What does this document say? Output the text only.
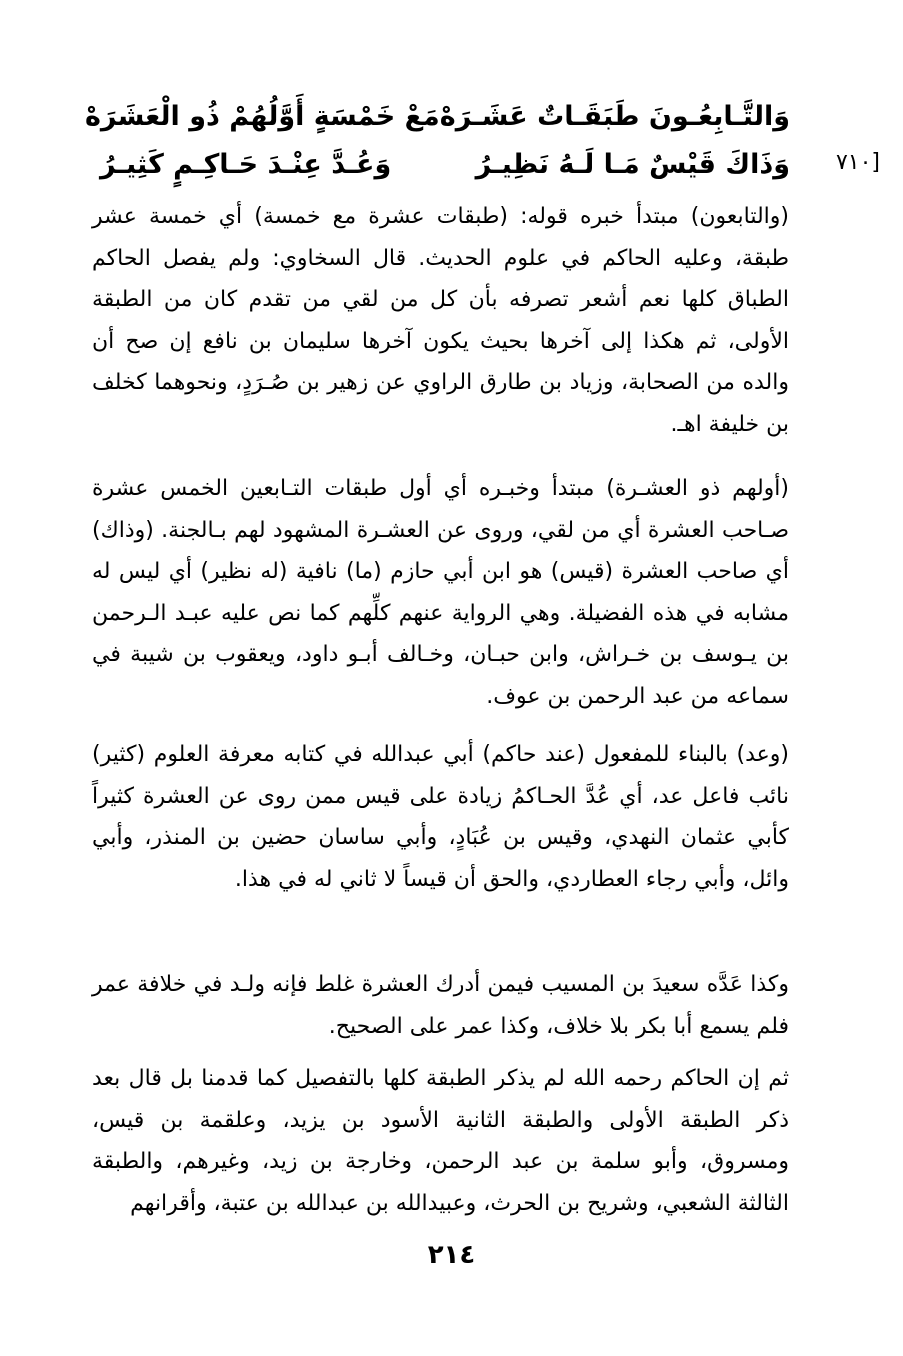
وَالتَّـابِعُـونَ طَبَقَـاتٌ عَشَـرَهْ
مَعْ خَمْسَةٍ أَوَّلُهُمْ ذُو الْعَشَرَهْ
وَذَاكَ قَيْسٌ مَـا لَـهُ نَظِيـرُ
وَعُـدَّ عِنْـدَ حَـاكِـمٍ كَثِيـرُ	[٧١٠
(والتابعون) مبتدأ خبره قوله: (طبقات عشرة مع خمسة) أي خمسة عشر طبقة، وعليه الحاكم في علوم الحديث. قال السخاوي: ولم يفصل الحاكم الطباق كلها نعم أشعر تصرفه بأن كل من لقي من تقدم كان من الطبقة الأولى، ثم هكذا إلى آخرها بحيث يكون آخرها سليمان بن نافع إن صح أن والده من الصحابة، وزياد بن طارق الراوي عن زهير بن صُـرَدٍ، ونحوهما كخلف بن خليفة اهـ.
(أولهم ذو العشـرة) مبتدأ وخبـره أي أول طبقات التـابعين الخمس عشرة صـاحب العشرة أي من لقي، وروى عن العشـرة المشهود لهم بـالجنة. (وذاك) أي صاحب العشرة (قيس) هو ابن أبي حازم (ما) نافية (له نظير) أي ليس له مشابه في هذه الفضيلة. وهي الرواية عنهم كلِّهم كما نص عليه عبـد الـرحمن بن يـوسف بن خـراش، وابن حبـان، وخـالف أبـو داود، ويعقوب بن شيبة في سماعه من عبد الرحمن بن عوف.
(وعد) بالبناء للمفعول (عند حاكم) أبي عبدالله في كتابه معرفة العلوم (كثير) نائب فاعل عد، أي عُدَّ الحـاكمُ زيادة على قيس ممن روى عن العشرة كثيراً كأبي عثمان النهدي، وقيس بن عُبَادٍ، وأبي ساسان حضين بن المنذر، وأبي وائل، وأبي رجاء العطاردي، والحق أن قيساً لا ثاني له في هذا.
وكذا عَدَّه سعيدَ بن المسيب فيمن أدرك العشرة غلط فإنه ولـد في خلافة عمر فلم يسمع أبا بكر بلا خلاف، وكذا عمر على الصحيح.
ثم إن الحاكم رحمه الله لم يذكر الطبقة كلها بالتفصيل كما قدمنا بل قال بعد ذكر الطبقة الأولى والطبقة الثانية الأسود بن يزيد، وعلقمة بن قيس، ومسروق، وأبو سلمة بن عبد الرحمن، وخارجة بن زيد، وغيرهم، والطبقة الثالثة الشعبي، وشريح بن الحرث، وعبيدالله بن عبدالله بن عتبة، وأقرانهم
٢١٤
